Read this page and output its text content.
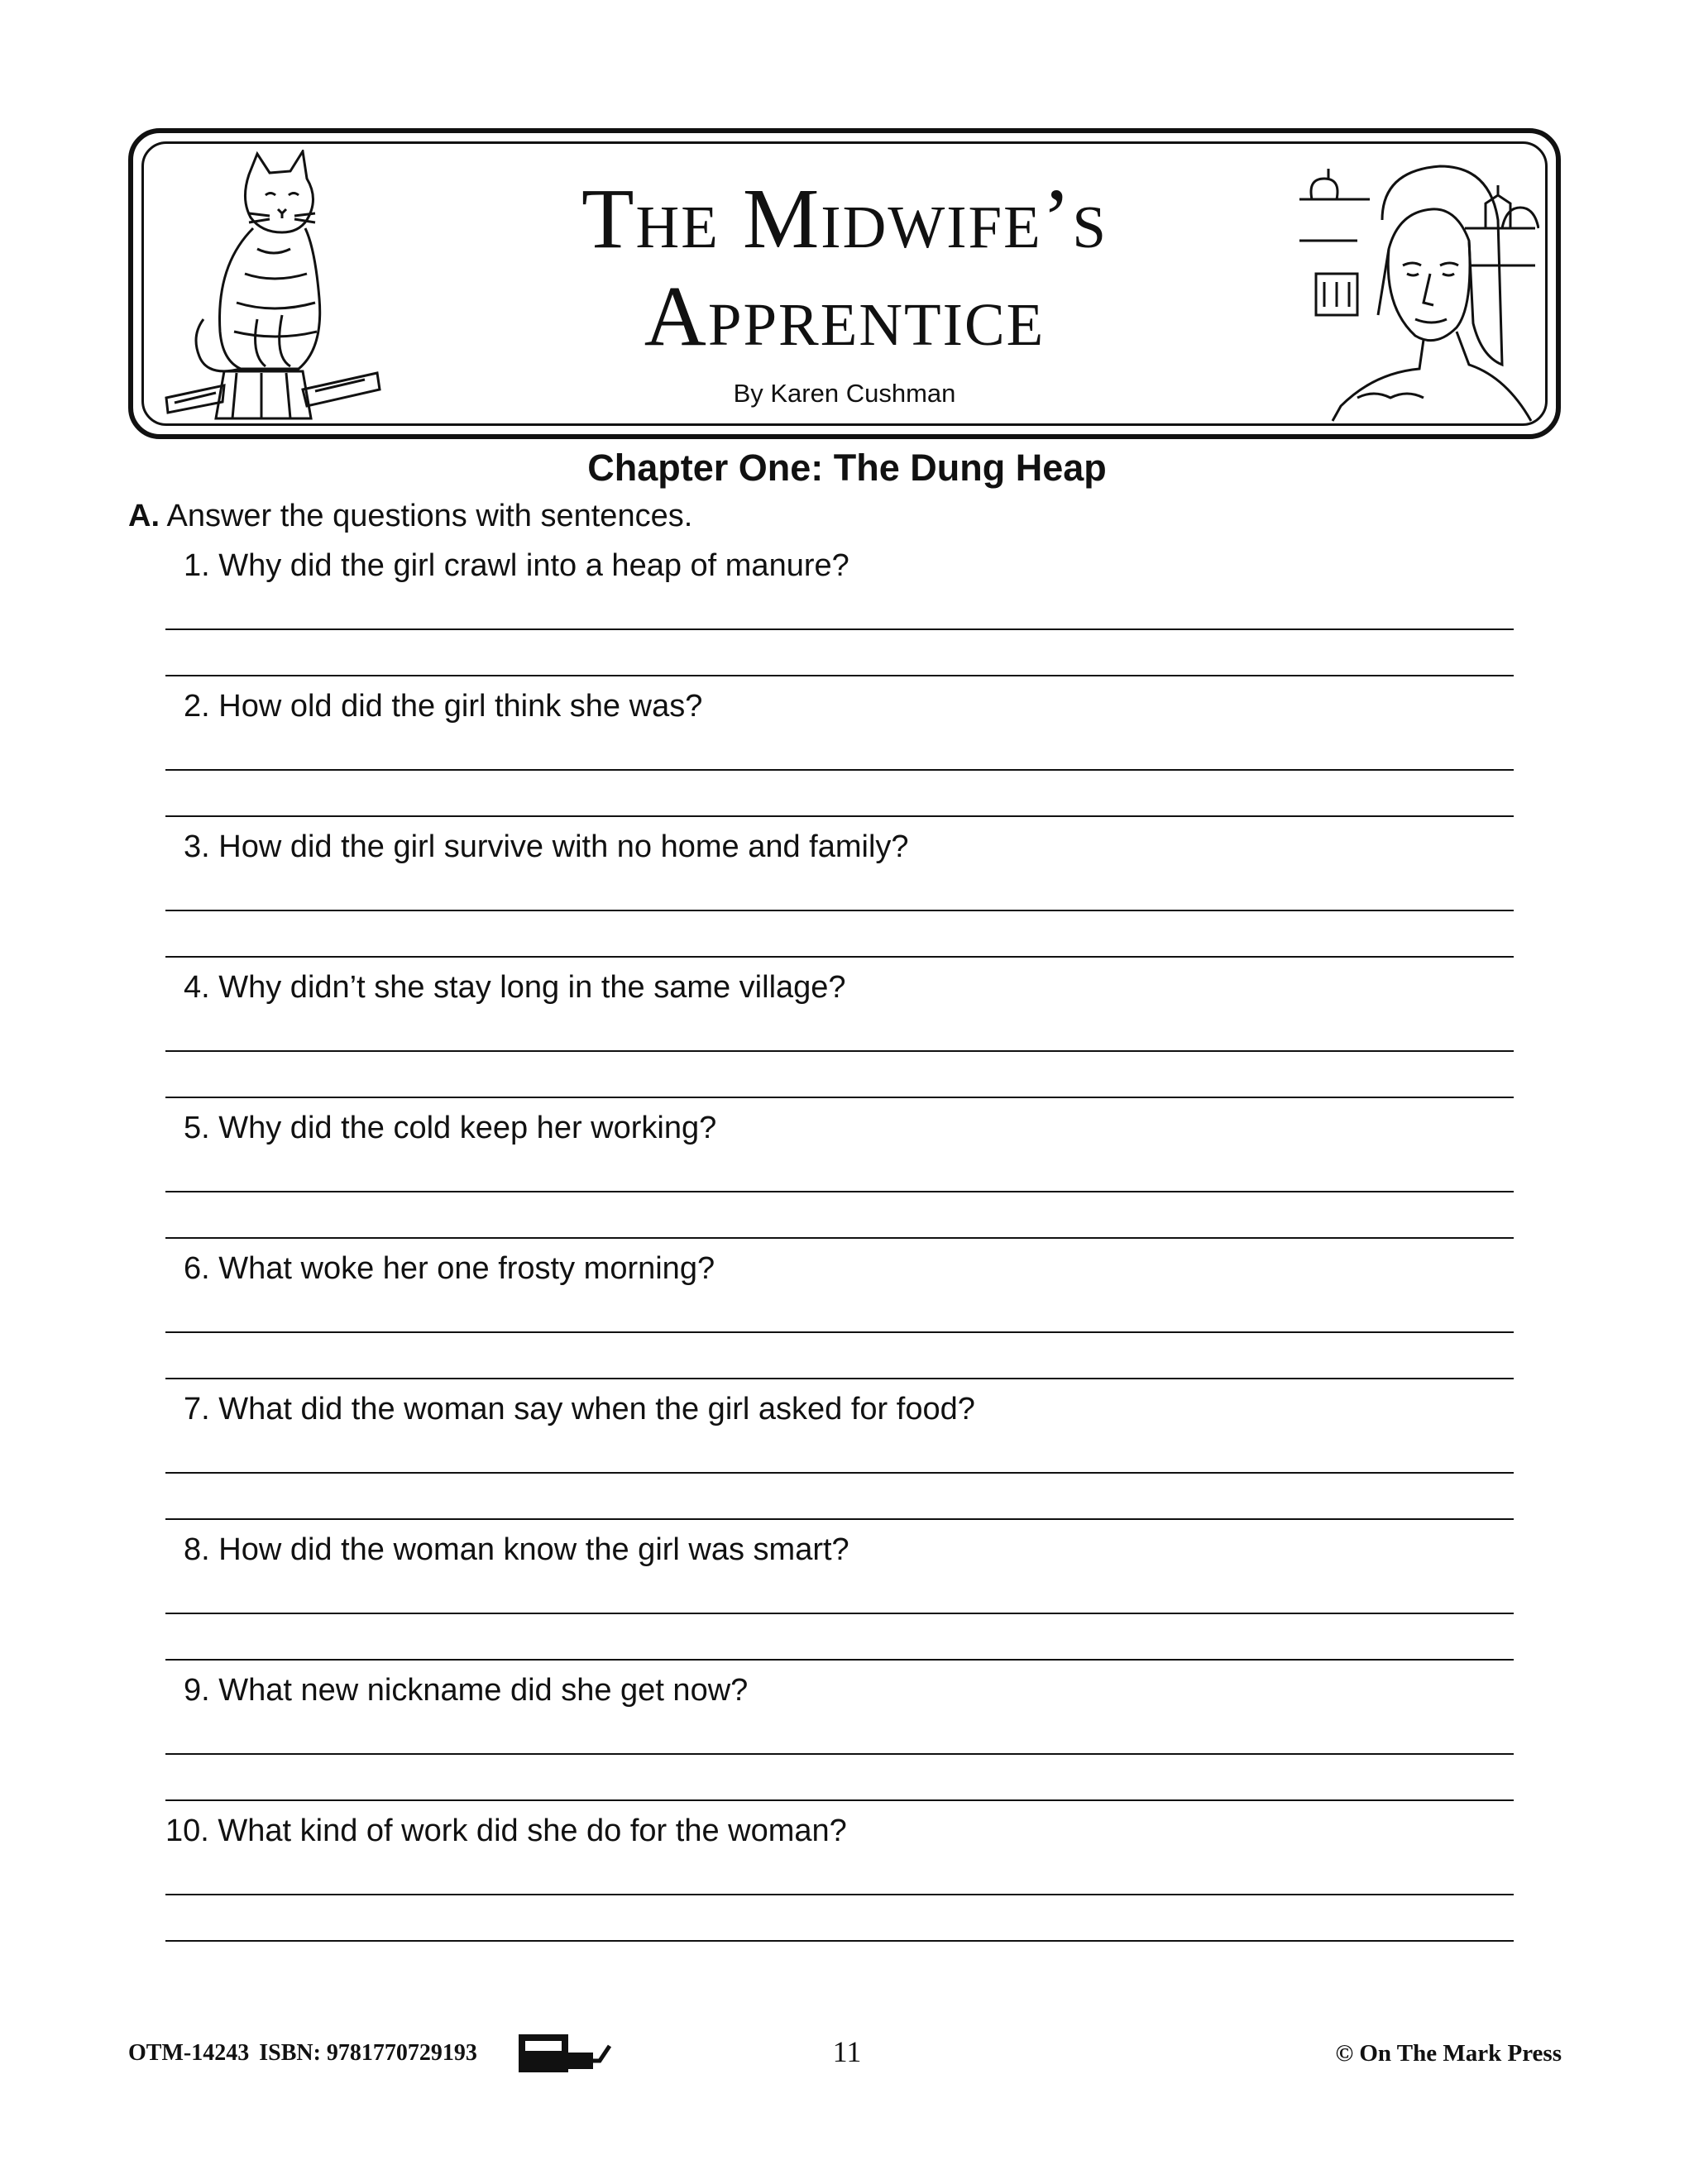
The Midwife’s
Apprentice
By Karen Cushman
Chapter One: The Dung Heap
A. Answer the questions with sentences.
1. Why did the girl crawl into a heap of manure?
2. How old did the girl think she was?
3. How did the girl survive with no home and family?
4. Why didn’t she stay long in the same village?
5. Why did the cold keep her working?
6. What woke her one frosty morning?
7. What did the woman say when the girl asked for food?
8. How did the woman know the girl was smart?
9. What new nickname did she get now?
10. What kind of work did she do for the woman?
OTM-14243 ISBN: 9781770729193	11	© On The Mark Press
